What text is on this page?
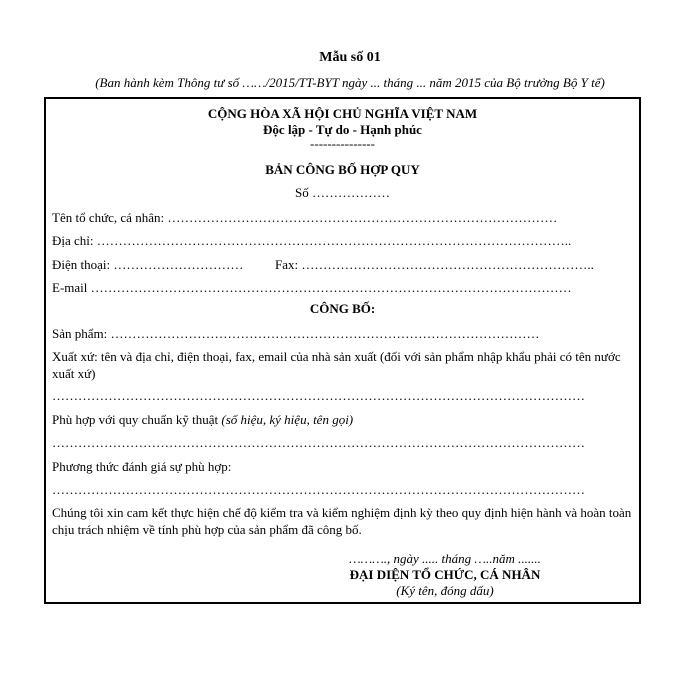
Mẫu số 01
(Ban hành kèm Thông tư số ……/2015/TT-BYT ngày ... tháng ... năm 2015 của Bộ trưởng Bộ Y tế)
CỘNG HÒA XÃ HỘI CHỦ NGHĨA VIỆT NAM
Độc lập - Tự do - Hạnh phúc
---------------
BẢN CÔNG BỐ HỢP QUY
Số ………………
Tên tổ chức, cá nhân: ………………………………………………………………………………
Địa chỉ: ………………………………………………………………………………………………..
Điện thoại: ………………………… Fax: …………………………………………………………..
E-mail …………………………………………………………………………………………………
CÔNG BỐ:
Sản phẩm: ………………………………………………………………………………………
Xuất xứ: tên và địa chỉ, điện thoại, fax, email của nhà sản xuất (đối với sản phẩm nhập khẩu phải có tên nước xuất xứ)
……………………………………………………………………………………………………………
Phù hợp với quy chuẩn kỹ thuật (số hiệu, ký hiệu, tên gọi)
……………………………………………………………………………………………………………
Phương thức đánh giá sự phù hợp:
……………………………………………………………………………………………………………
Chúng tôi xin cam kết thực hiện chế độ kiểm tra và kiểm nghiệm định kỳ theo quy định hiện hành và hoàn toàn chịu trách nhiệm về tính phù hợp của sản phẩm đã công bố.
………., ngày ..... tháng …..năm .......
ĐẠI DIỆN TỔ CHỨC, CÁ NHÂN
(Ký tên, đóng dấu)
